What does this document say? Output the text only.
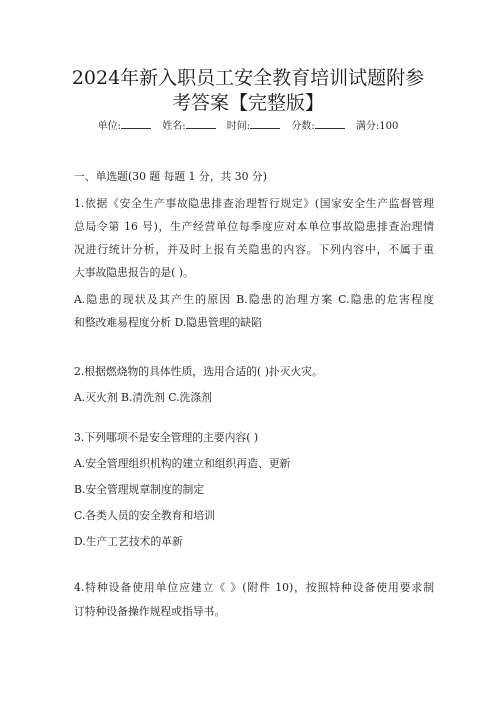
2024年新入职员工安全教育培训试题附参
考答案【完整版】
单位:	姓名:	时间:	分数:	满分:100
一、单选题(30 题 每题 1 分，共 30 分)
1.依据《安全生产事故隐患排查治理暂行规定》(国家安全生产监督管理
总局令第 16 号)，生产经营单位每季度应对本单位事故隐患排查治理情
况进行统计分析，并及时上报有关隐患的内容。下列内容中，不属于重
大事故隐患报告的是( )。
A.隐患的现状及其产生的原因 B.隐患的治理方案 C.隐患的危害程度
和整改难易程度分析 D.隐患管理的缺陷
2.根据燃烧物的具体性质，选用合适的( )扑灭火灾。
A.灭火剂 B.清洗剂 C.洗涤剂
3.下列哪项不是安全管理的主要内容( )
A.安全管理组织机构的建立和组织再造、更新
B.安全管理规章制度的制定
C.各类人员的安全教育和培训
D.生产工艺技术的革新
4.特种设备使用单位应建立《 》(附件 10)，按照特种设备使用要求制
订特种设备操作规程或指导书。
